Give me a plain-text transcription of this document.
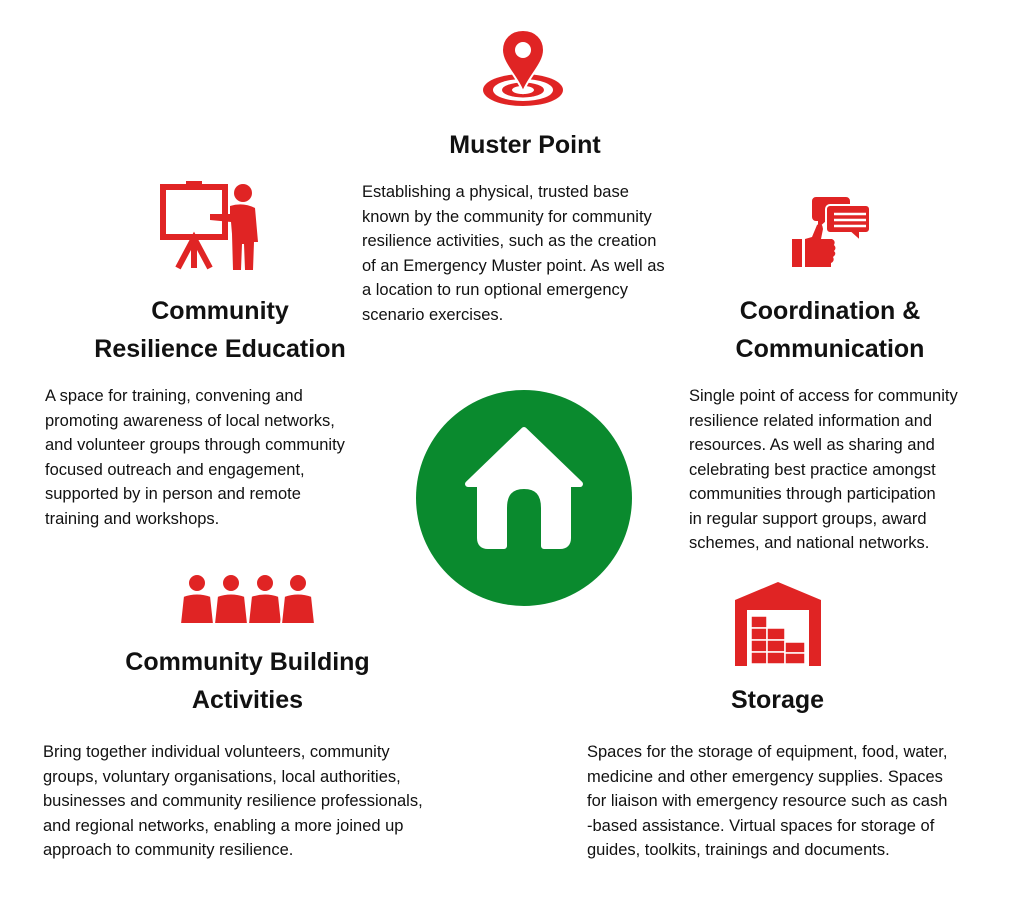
Muster Point
Establishing a physical, trusted base
known by the community for community
resilience activities, such as the creation
of an Emergency Muster point. As well as
a location to run optional emergency
scenario exercises.
Community
Resilience Education
A space for training, convening and
promoting awareness of local networks,
and volunteer groups through community
focused outreach and engagement,
supported by in person and remote
training and workshops.
Coordination &
Communication
Single point of access for community
resilience related information and
resources. As well as sharing and
celebrating best practice amongst
communities through participation
in regular support groups, award
schemes, and national networks.
Community Building
Activities
Bring together individual volunteers, community
groups, voluntary organisations, local authorities,
businesses and community resilience professionals,
and regional networks, enabling a more joined up
approach to community resilience.
Storage
Spaces for the storage of equipment, food, water,
medicine and other emergency supplies. Spaces
for liaison with emergency resource such as cash
-based assistance. Virtual spaces for storage of
guides, toolkits, trainings and documents.
